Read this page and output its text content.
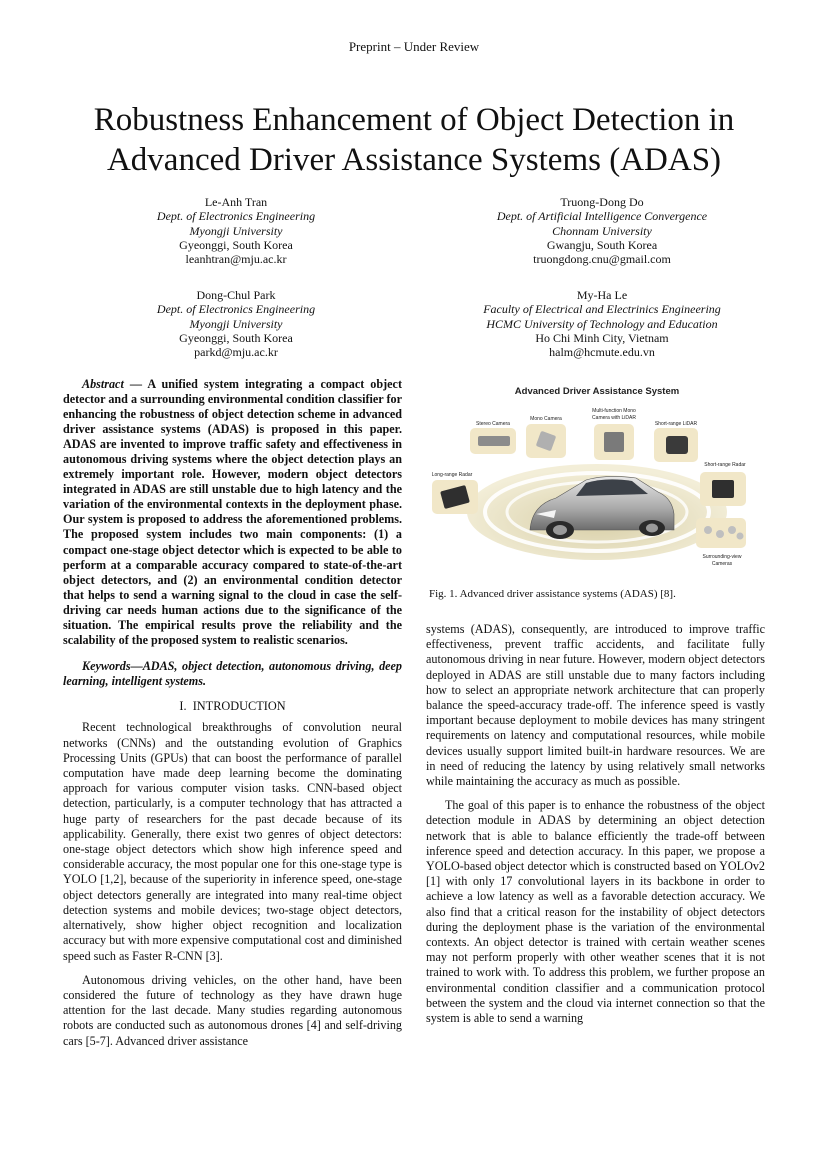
Preprint – Under Review
Robustness Enhancement of Object Detection in
Advanced Driver Assistance Systems (ADAS)
Le-Anh Tran
Dept. of Electronics Engineering
Myongji University
Gyeonggi, South Korea
leanhtran@mju.ac.kr
Truong-Dong Do
Dept. of Artificial Intelligence Convergence
Chonnam University
Gwangju, South Korea
truongdong.cnu@gmail.com
Dong-Chul Park
Dept. of Electronics Engineering
Myongji University
Gyeonggi, South Korea
parkd@mju.ac.kr
My-Ha Le
Faculty of Electrical and Electrinics Engineering
HCMC University of Technology and Education
Ho Chi Minh City, Vietnam
halm@hcmute.edu.vn

Abstract — A unified system integrating a compact object detector and a surrounding environmental condition classifier for enhancing the robustness of object detection scheme in advanced driver assistance systems (ADAS) is proposed in this paper. ADAS are invented to improve traffic safety and effectiveness in autonomous driving systems where the object detection plays an extremely important role. However, modern object detectors integrated in ADAS are still unstable due to high latency and the variation of the environmental contexts in the deployment phase. Our system is proposed to address the aforementioned problems. The proposed system includes two main components: (1) a compact one-stage object detector which is expected to be able to perform at a comparable accuracy compared to state-of-the-art object detectors, and (2) an environmental condition detector that helps to send a warning signal to the cloud in case the self-driving car needs human actions due to the significance of the situation. The empirical results prove the reliability and the scalability of the proposed system to realistic scenarios.

Keywords—ADAS, object detection, autonomous driving, deep learning, intelligent systems.

I. INTRODUCTION

Recent technological breakthroughs of convolution neural networks (CNNs) and the outstanding evolution of Graphics Processing Units (GPUs) that can boost the performance of parallel computation have made deep learning become the dominating approach for various computer vision tasks. CNN-based object detection, particularly, is a computer technology that has attracted a huge party of researchers for the past decade because of its applicability. Generally, there exist two genres of object detectors: one-stage object detectors which show high inference speed and considerable accuracy, the most popular one for this one-stage type is YOLO [1,2], because of the superiority in inference speed, one-stage object detectors generally are integrated into many real-time object detection systems and mobile devices; two-stage object detectors, alternatively, show higher object recognition and localization accuracy but with more expensive computational cost and diminished speed such as Faster R-CNN [3].

Autonomous driving vehicles, on the other hand, have been considered the future of technology as they have drawn huge attention for the last decade. Many studies regarding autonomous robots are conducted such as autonomous drones [4] and self-driving cars [5-7]. Advanced driver assistance

Advanced Driver Assistance System
Stereo Camera
Mono Camera
Multi-function Mono
Camera with LiDAR
Short-range LiDAR
Long-range Radar
Short-range Radar
Surrounding-view
Cameras
Fig. 1. Advanced driver assistance systems (ADAS) [8].

systems (ADAS), consequently, are introduced to improve traffic effectiveness, prevent traffic accidents, and facilitate fully autonomous driving in near future. However, modern object detectors deployed in ADAS are still unstable due to many factors including how to select an appropriate network architecture that can properly balance the speed-accuracy trade-off. The inference speed is vastly important because deployment to mobile devices has many stringent requirements on latency and computational resources, while mobile devices usually support limited built-in hardware resources. We are in need of reducing the latency by using relatively small networks while maintaining the accuracy as much as possible.

The goal of this paper is to enhance the robustness of the object detection module in ADAS by determining an object detection network that is able to balance efficiently the trade-off between inference speed and detection accuracy. In this paper, we propose a YOLO-based object detector which is constructed based on YOLOv2 [1] with only 17 convolutional layers in its backbone in order to achieve a low latency as well as a favorable detection accuracy. We also find that a critical reason for the instability of object detectors during the deployment phase is the variation of the environmental contexts. An object detector is trained with certain weather scenes may not perform properly with other weather scenes that it is not trained to work with. To address this problem, we further propose an environmental condition classifier and a communication protocol between the system and the cloud via internet connection so that the system is able to send a warning
